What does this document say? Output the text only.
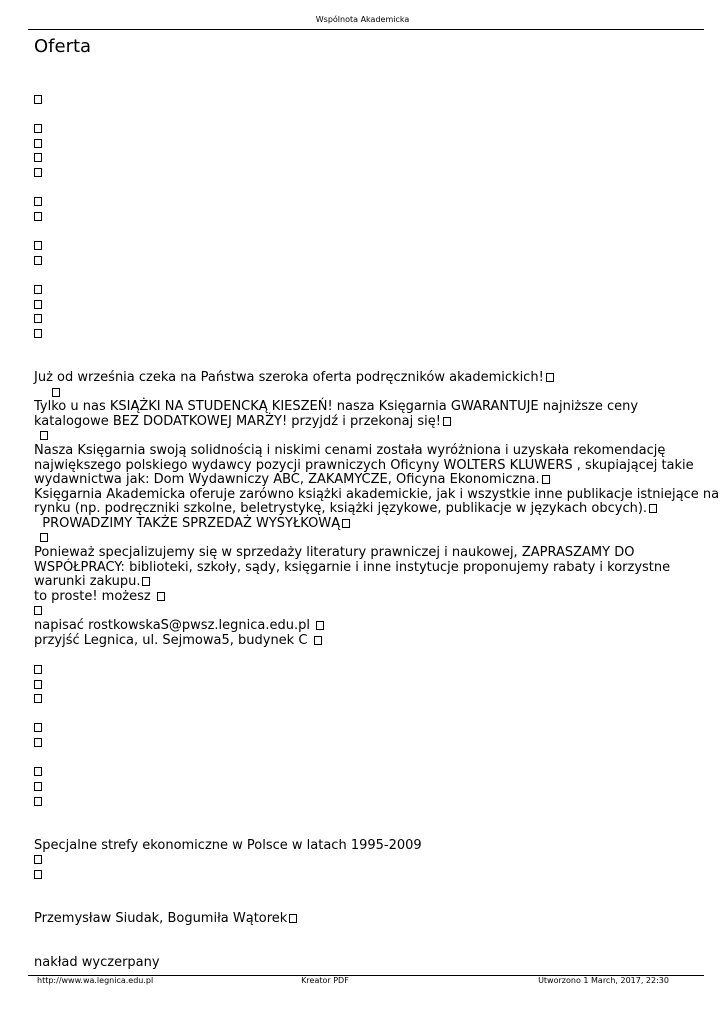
Wspólnota Akademicka
Oferta
Już od września czeka na Państwa szeroka oferta podręczników akademickich!
Tylko u nas KSIĄŻKI NA STUDENCKĄ KIESZEŃ! nasza Księgarnia GWARANTUJE najniższe ceny
katalogowe BEZ DODATKOWEJ MARŻY! przyjdź i przekonaj się!
Nasza Księgarnia swoją solidnością i niskimi cenami została wyróżniona i uzyskała rekomendację
największego polskiego wydawcy pozycji prawniczych Oficyny WOLTERS KLUWERS , skupiającej takie
wydawnictwa jak: Dom Wydawniczy ABC, ZAKAMYCZE, Oficyna Ekonomiczna.
Księgarnia Akademicka oferuje zarówno książki akademickie, jak i wszystkie inne publikacje istniejące na
rynku (np. podręczniki szkolne, beletrystykę, książki językowe, publikacje w językach obcych).
PROWADZIMY TAKŻE SPRZEDAŻ WYSYŁKOWĄ
Ponieważ specjalizujemy się w sprzedaży literatury prawniczej i naukowej, ZAPRASZAMY DO
WSPÓŁPRACY: biblioteki, szkoły, sądy, księgarnie i inne instytucje proponujemy rabaty i korzystne
warunki zakupu.
to proste! możesz
napisać rostkowskaS@pwsz.legnica.edu.pl
przyjść Legnica, ul. Sejmowa5, budynek C
Specjalne strefy ekonomiczne w Polsce w latach 1995-2009
Przemysław Siudak, Bogumiła Wątorek
nakład wyczerpany
http://www.wa.legnica.edu.pl	Kreator PDF	Utworzono 1 March, 2017, 22:30
